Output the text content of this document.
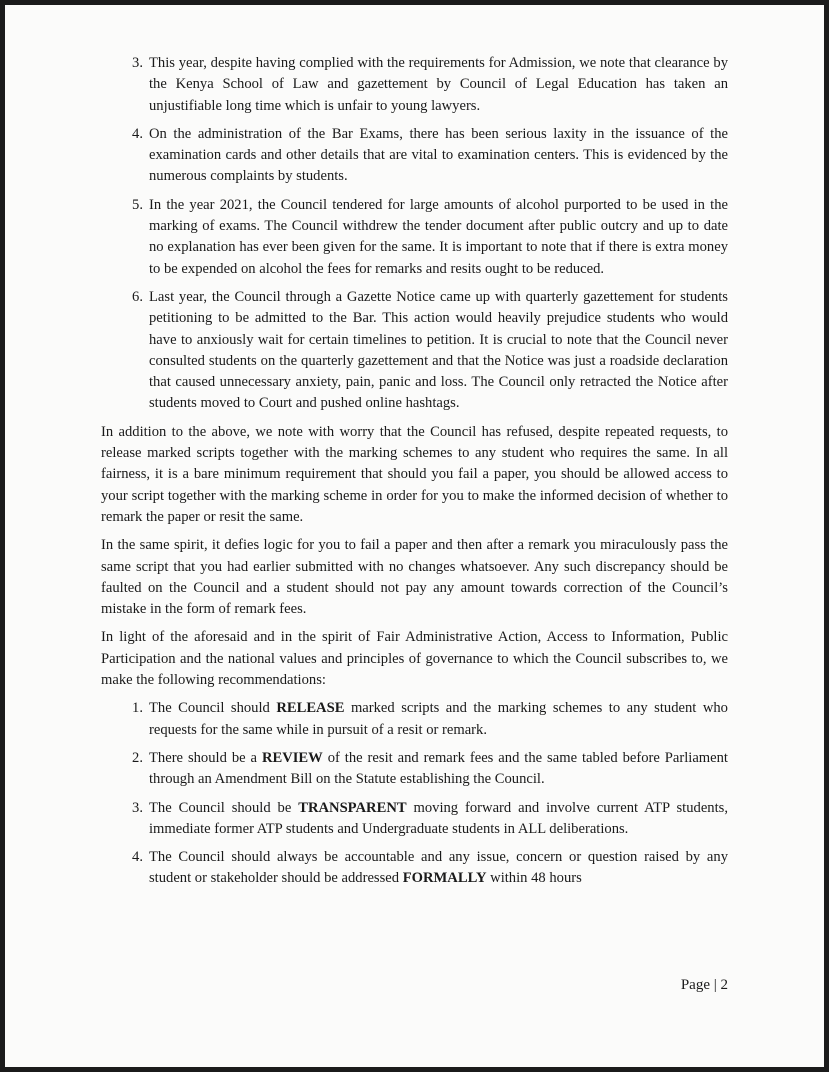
3. This year, despite having complied with the requirements for Admission, we note that clearance by the Kenya School of Law and gazettement by Council of Legal Education has taken an unjustifiable long time which is unfair to young lawyers.
4. On the administration of the Bar Exams, there has been serious laxity in the issuance of the examination cards and other details that are vital to examination centers. This is evidenced by the numerous complaints by students.
5. In the year 2021, the Council tendered for large amounts of alcohol purported to be used in the marking of exams. The Council withdrew the tender document after public outcry and up to date no explanation has ever been given for the same. It is important to note that if there is extra money to be expended on alcohol the fees for remarks and resits ought to be reduced.
6. Last year, the Council through a Gazette Notice came up with quarterly gazettement for students petitioning to be admitted to the Bar. This action would heavily prejudice students who would have to anxiously wait for certain timelines to petition. It is crucial to note that the Council never consulted students on the quarterly gazettement and that the Notice was just a roadside declaration that caused unnecessary anxiety, pain, panic and loss. The Council only retracted the Notice after students moved to Court and pushed online hashtags.

In addition to the above, we note with worry that the Council has refused, despite repeated requests, to release marked scripts together with the marking schemes to any student who requires the same. In all fairness, it is a bare minimum requirement that should you fail a paper, you should be allowed access to your script together with the marking scheme in order for you to make the informed decision of whether to remark the paper or resit the same.

In the same spirit, it defies logic for you to fail a paper and then after a remark you miraculously pass the same script that you had earlier submitted with no changes whatsoever. Any such discrepancy should be faulted on the Council and a student should not pay any amount towards correction of the Council’s mistake in the form of remark fees.

In light of the aforesaid and in the spirit of Fair Administrative Action, Access to Information, Public Participation and the national values and principles of governance to which the Council subscribes to, we make the following recommendations:

1. The Council should RELEASE marked scripts and the marking schemes to any student who requests for the same while in pursuit of a resit or remark.
2. There should be a REVIEW of the resit and remark fees and the same tabled before Parliament through an Amendment Bill on the Statute establishing the Council.
3. The Council should be TRANSPARENT moving forward and involve current ATP students, immediate former ATP students and Undergraduate students in ALL deliberations.
4. The Council should always be accountable and any issue, concern or question raised by any student or stakeholder should be addressed FORMALLY within 48 hours
Page | 2
